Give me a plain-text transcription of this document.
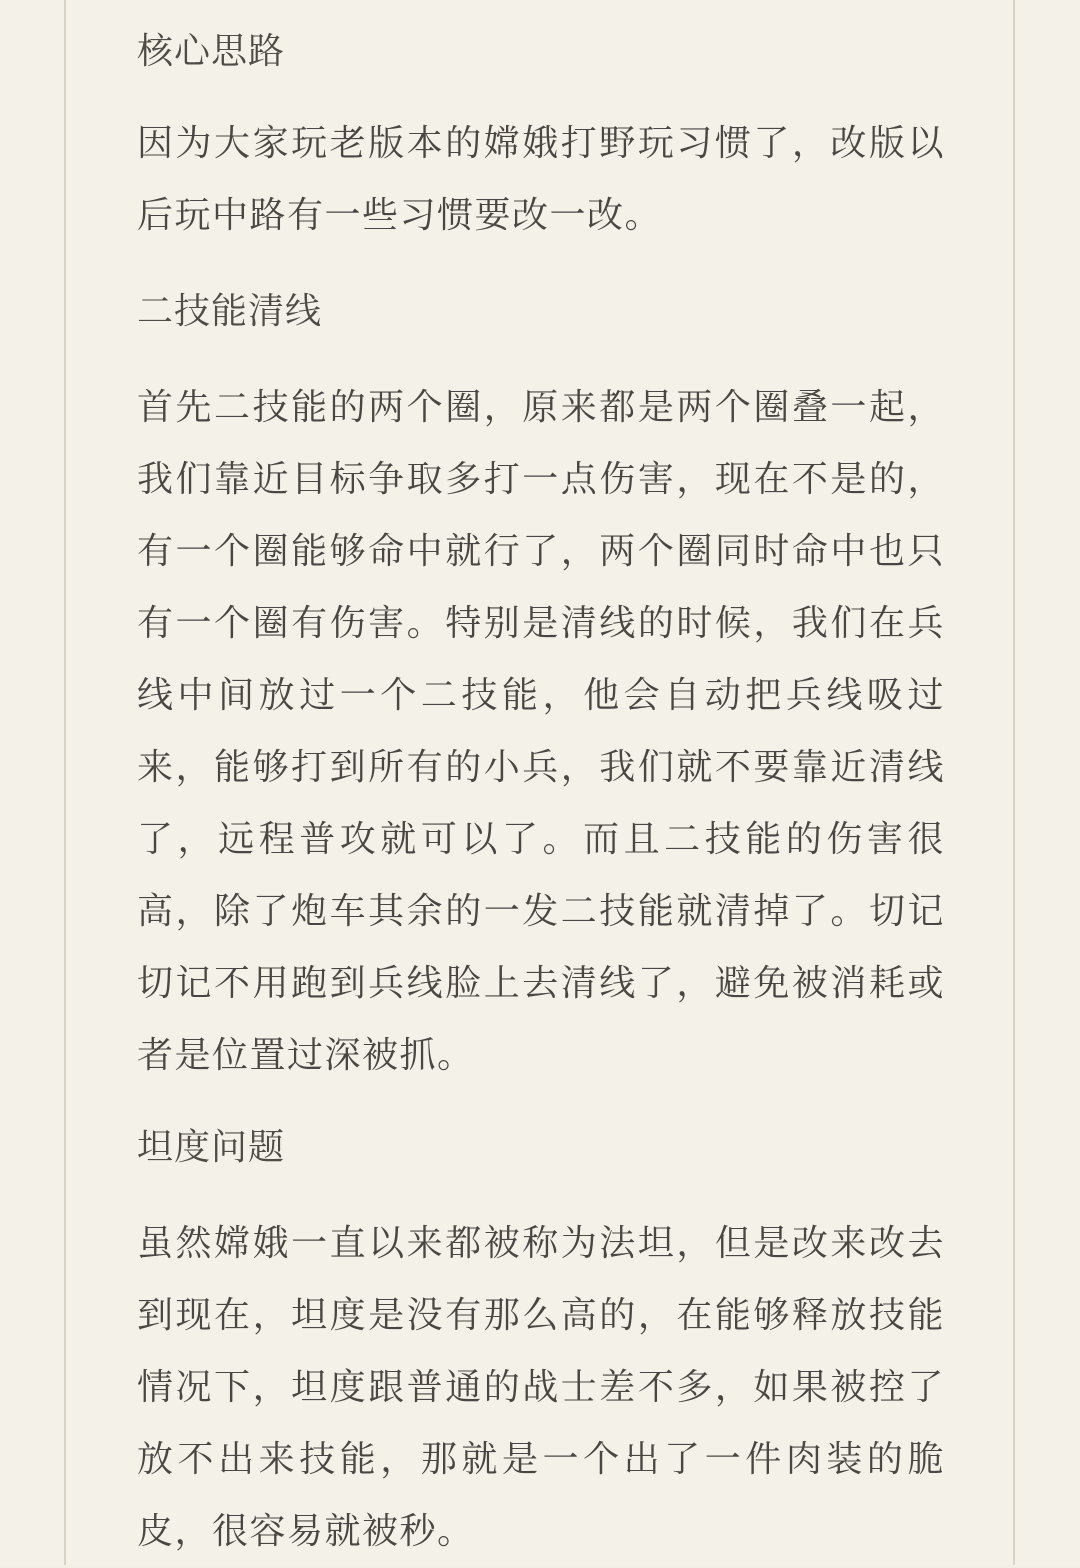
核心思路

因为大家玩老版本的嫦娥打野玩习惯了，改版以后玩中路有一些习惯要改一改。

二技能清线

首先二技能的两个圈，原来都是两个圈叠一起，我们靠近目标争取多打一点伤害，现在不是的，有一个圈能够命中就行了，两个圈同时命中也只有一个圈有伤害。特别是清线的时候，我们在兵线中间放过一个二技能，他会自动把兵线吸过来，能够打到所有的小兵，我们就不要靠近清线了，远程普攻就可以了。而且二技能的伤害很高，除了炮车其余的一发二技能就清掉了。切记切记不用跑到兵线脸上去清线了，避免被消耗或者是位置过深被抓。

坦度问题

虽然嫦娥一直以来都被称为法坦，但是改来改去到现在，坦度是没有那么高的，在能够释放技能情况下，坦度跟普通的战士差不多，如果被控了放不出来技能，那就是一个出了一件肉装的脆皮，很容易就被秒。
